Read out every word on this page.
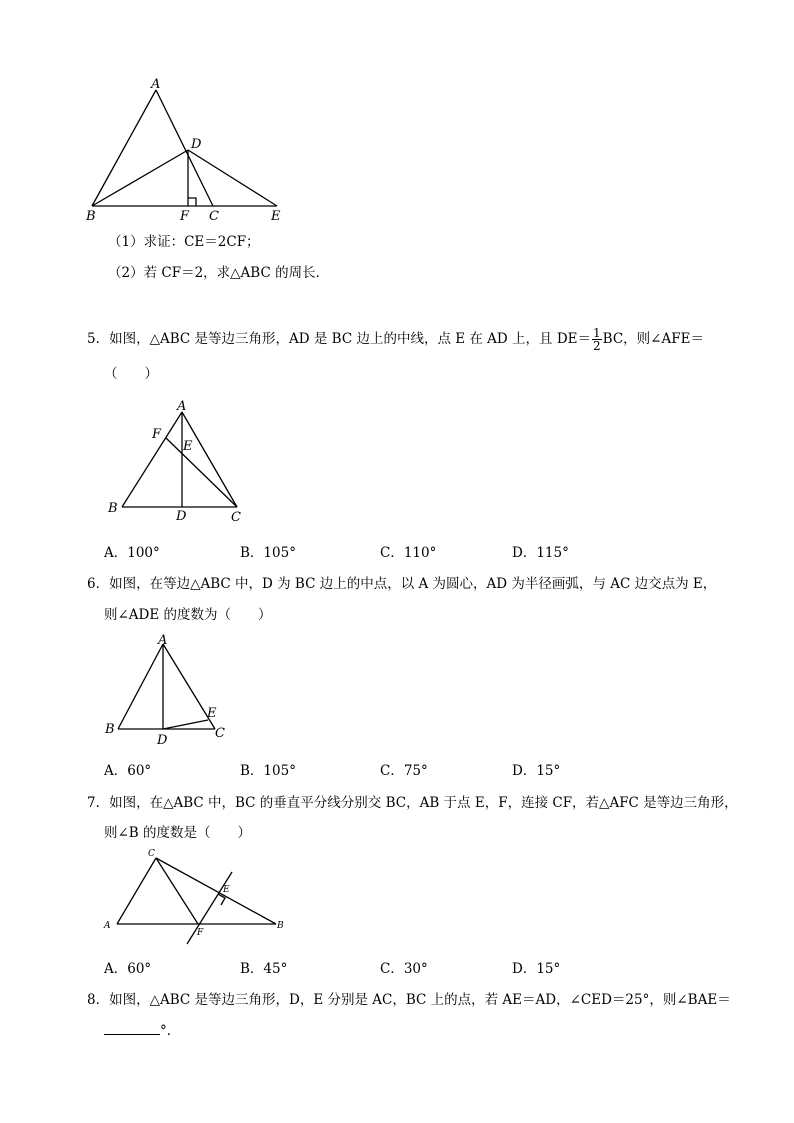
A
D
B	F C	E
（1）求证：CE＝2CF；
（2）若 CF＝2，求△ABC 的周长．
5．如图，△ABC 是等边三角形，AD 是 BC 边上的中线，点 E 在 AD 上，且 $DE= \frac{1}{2}$ BC，则∠AFE＝
（　　）
A
F
E
B
D	C
A．100°	B．105°	C．110°	D．115°
6．如图，在等边△ABC 中，D 为 BC 边上的中点，以 A 为圆心，AD 为半径画弧，与 AC 边交点为 E，
则∠ADE 的度数为（　　）
A
B
D
E
C
A．60°	B．105°	C．75°	D．15°
7．如图，在△ABC 中，BC 的垂直平分线分别交 BC，AB 于点 E，F，连接 CF，若△AFC 是等边三角形，
则∠B 的度数是（　　）
C
E
A
F
B
A．60°	B．45°	C．30°	D．15°
8．如图，△ABC 是等边三角形，D，E 分别是 AC，BC 上的点，若 AE＝AD，∠CED＝25°，则∠BAE＝
°．
